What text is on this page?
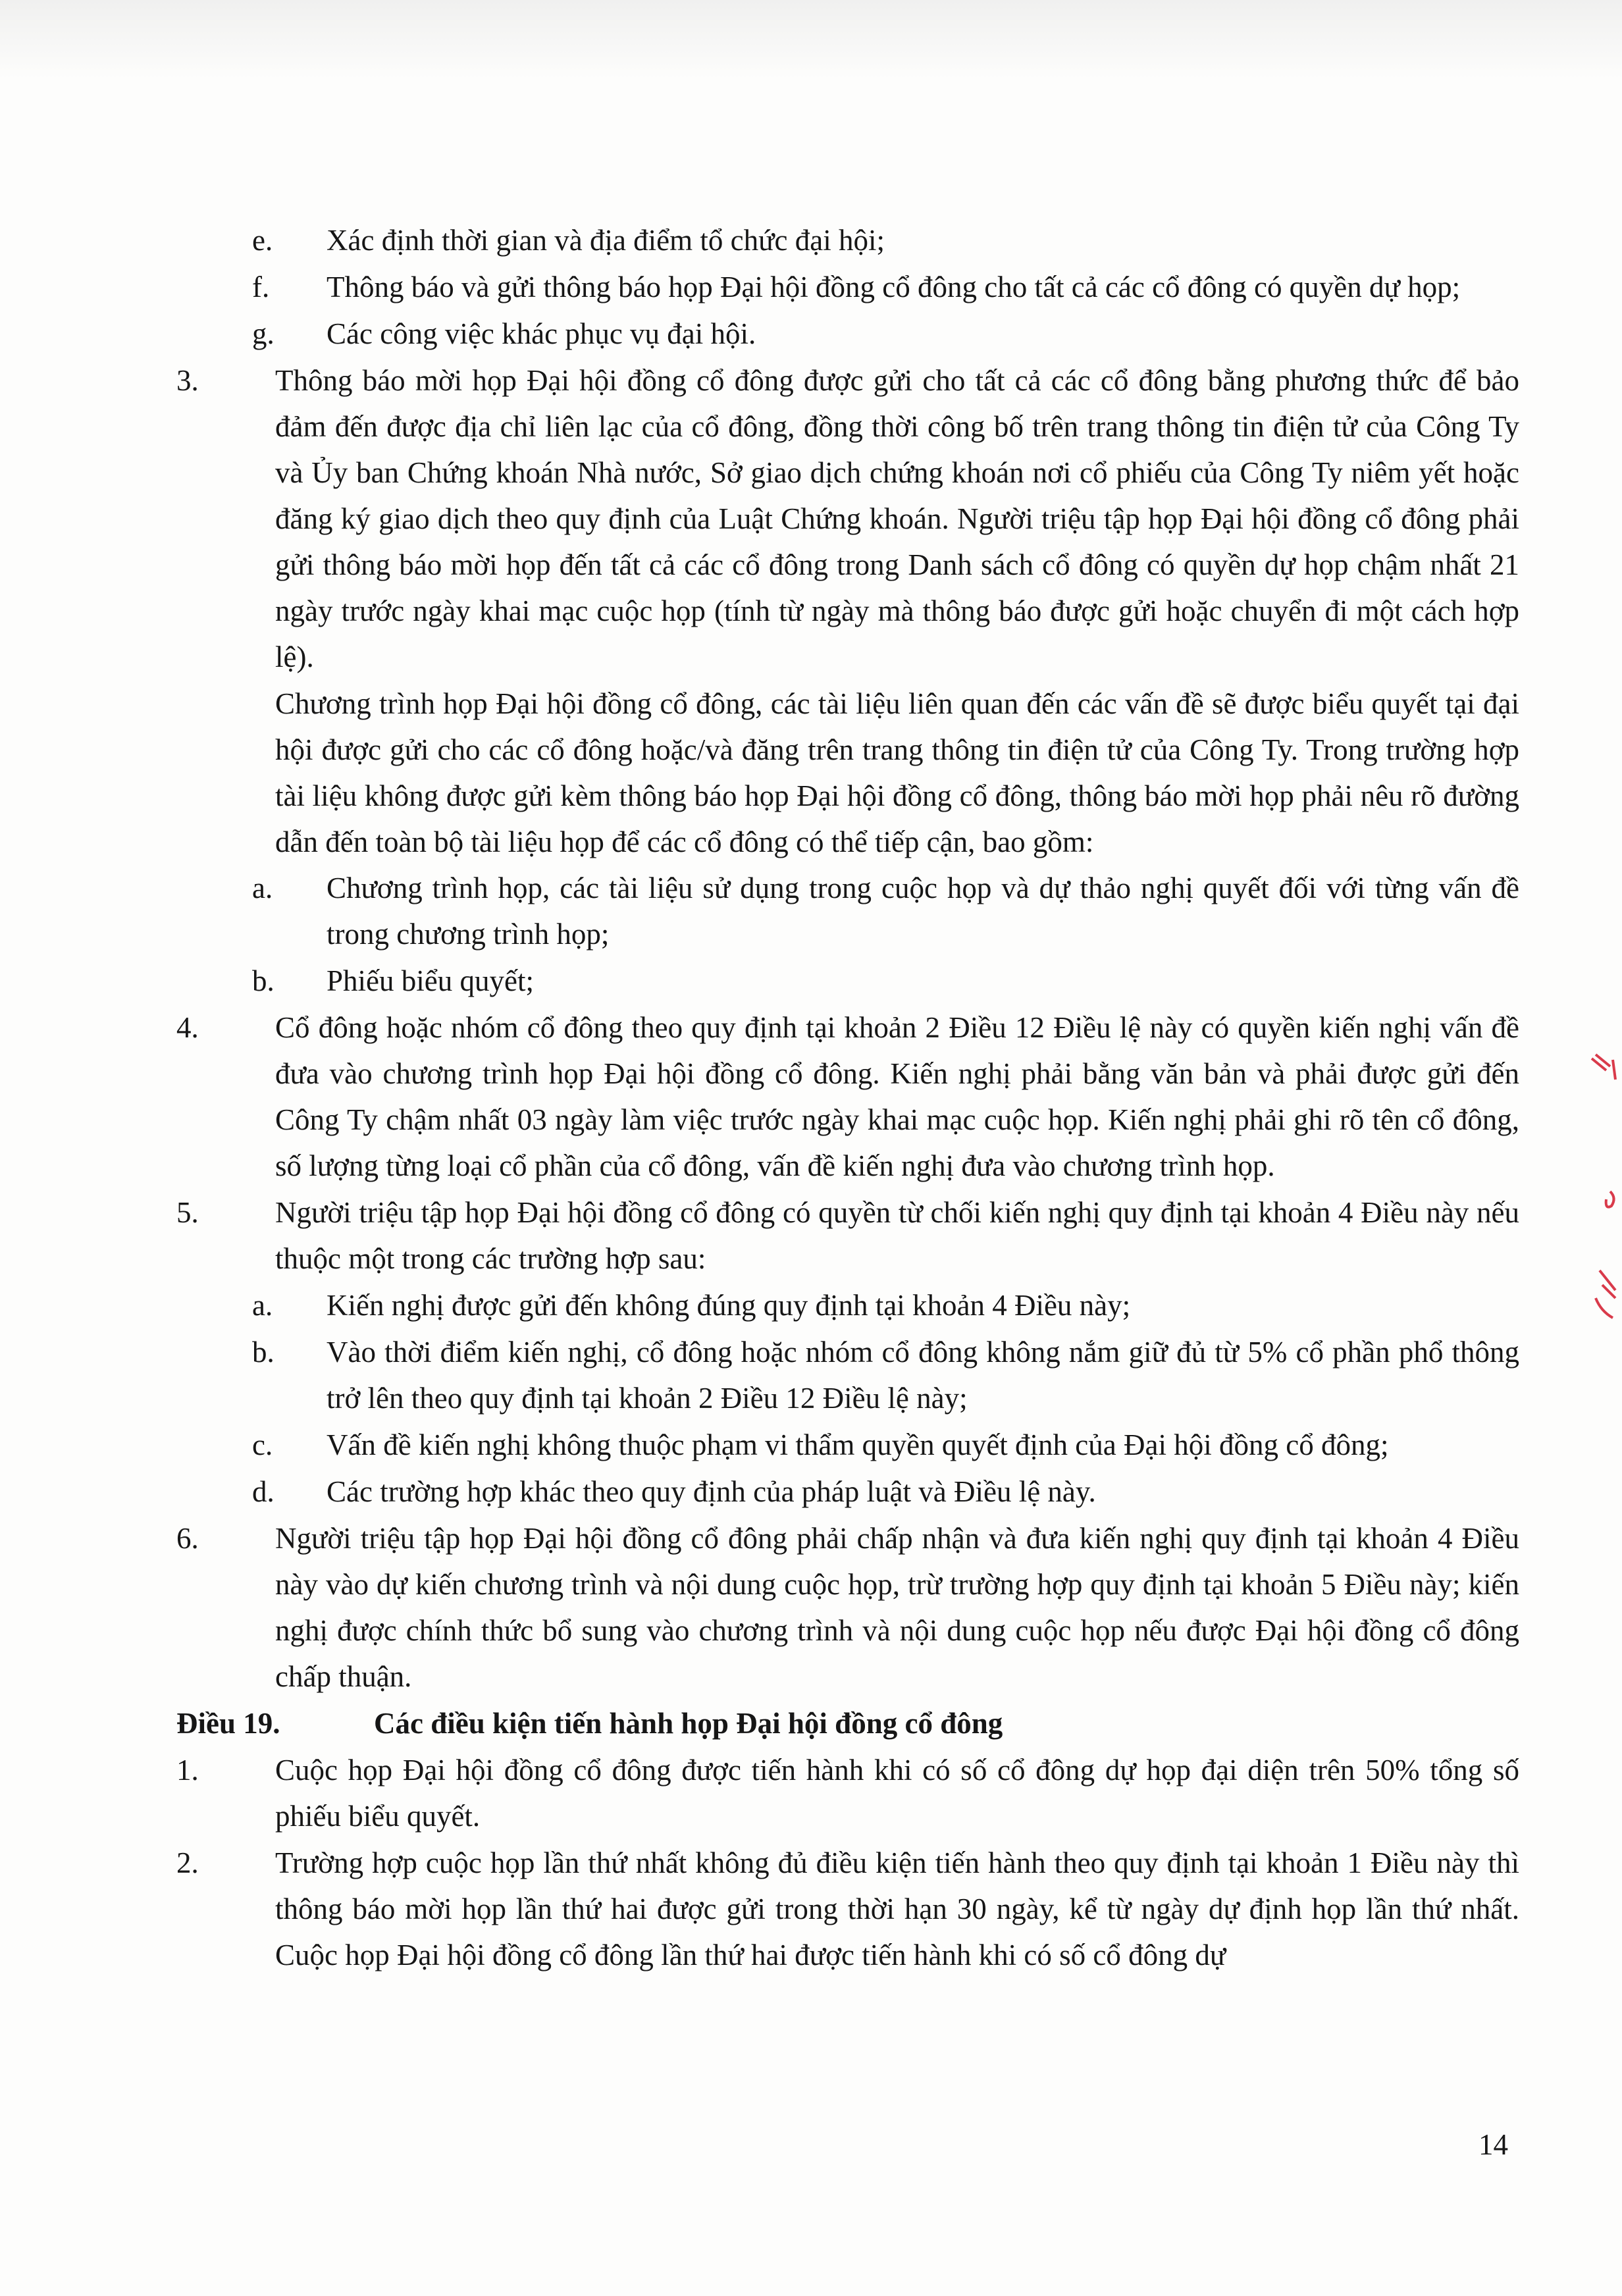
e. Xác định thời gian và địa điểm tổ chức đại hội;
f. Thông báo và gửi thông báo họp Đại hội đồng cổ đông cho tất cả các cổ đông có quyền dự họp;
g. Các công việc khác phục vụ đại hội.
3.	Thông báo mời họp Đại hội đồng cổ đông được gửi cho tất cả các cổ đông bằng phương thức để bảo đảm đến được địa chỉ liên lạc của cổ đông, đồng thời công bố trên trang thông tin điện tử của Công Ty và Ủy ban Chứng khoán Nhà nước, Sở giao dịch chứng khoán nơi cổ phiếu của Công Ty niêm yết hoặc đăng ký giao dịch theo quy định của Luật Chứng khoán. Người triệu tập họp Đại hội đồng cổ đông phải gửi thông báo mời họp đến tất cả các cổ đông trong Danh sách cổ đông có quyền dự họp chậm nhất 21 ngày trước ngày khai mạc cuộc họp (tính từ ngày mà thông báo được gửi hoặc chuyển đi một cách hợp lệ).
Chương trình họp Đại hội đồng cổ đông, các tài liệu liên quan đến các vấn đề sẽ được biểu quyết tại đại hội được gửi cho các cổ đông hoặc/và đăng trên trang thông tin điện tử của Công Ty. Trong trường hợp tài liệu không được gửi kèm thông báo họp Đại hội đồng cổ đông, thông báo mời họp phải nêu rõ đường dẫn đến toàn bộ tài liệu họp để các cổ đông có thể tiếp cận, bao gồm:
a. Chương trình họp, các tài liệu sử dụng trong cuộc họp và dự thảo nghị quyết đối với từng vấn đề trong chương trình họp;
b. Phiếu biểu quyết;
4.	Cổ đông hoặc nhóm cổ đông theo quy định tại khoản 2 Điều 12 Điều lệ này có quyền kiến nghị vấn đề đưa vào chương trình họp Đại hội đồng cổ đông. Kiến nghị phải bằng văn bản và phải được gửi đến Công Ty chậm nhất 03 ngày làm việc trước ngày khai mạc cuộc họp. Kiến nghị phải ghi rõ tên cổ đông, số lượng từng loại cổ phần của cổ đông, vấn đề kiến nghị đưa vào chương trình họp.
5.	Người triệu tập họp Đại hội đồng cổ đông có quyền từ chối kiến nghị quy định tại khoản 4 Điều này nếu thuộc một trong các trường hợp sau:
a. Kiến nghị được gửi đến không đúng quy định tại khoản 4 Điều này;
b. Vào thời điểm kiến nghị, cổ đông hoặc nhóm cổ đông không nắm giữ đủ từ 5% cổ phần phổ thông trở lên theo quy định tại khoản 2 Điều 12 Điều lệ này;
c. Vấn đề kiến nghị không thuộc phạm vi thẩm quyền quyết định của Đại hội đồng cổ đông;
d. Các trường hợp khác theo quy định của pháp luật và Điều lệ này.
6.	Người triệu tập họp Đại hội đồng cổ đông phải chấp nhận và đưa kiến nghị quy định tại khoản 4 Điều này vào dự kiến chương trình và nội dung cuộc họp, trừ trường hợp quy định tại khoản 5 Điều này; kiến nghị được chính thức bổ sung vào chương trình và nội dung cuộc họp nếu được Đại hội đồng cổ đông chấp thuận.
Điều 19.	Các điều kiện tiến hành họp Đại hội đồng cổ đông
1.	Cuộc họp Đại hội đồng cổ đông được tiến hành khi có số cổ đông dự họp đại diện trên 50% tổng số phiếu biểu quyết.
2.	Trường hợp cuộc họp lần thứ nhất không đủ điều kiện tiến hành theo quy định tại khoản 1 Điều này thì thông báo mời họp lần thứ hai được gửi trong thời hạn 30 ngày, kể từ ngày dự định họp lần thứ nhất. Cuộc họp Đại hội đồng cổ đông lần thứ hai được tiến hành khi có số cổ đông dự
14
